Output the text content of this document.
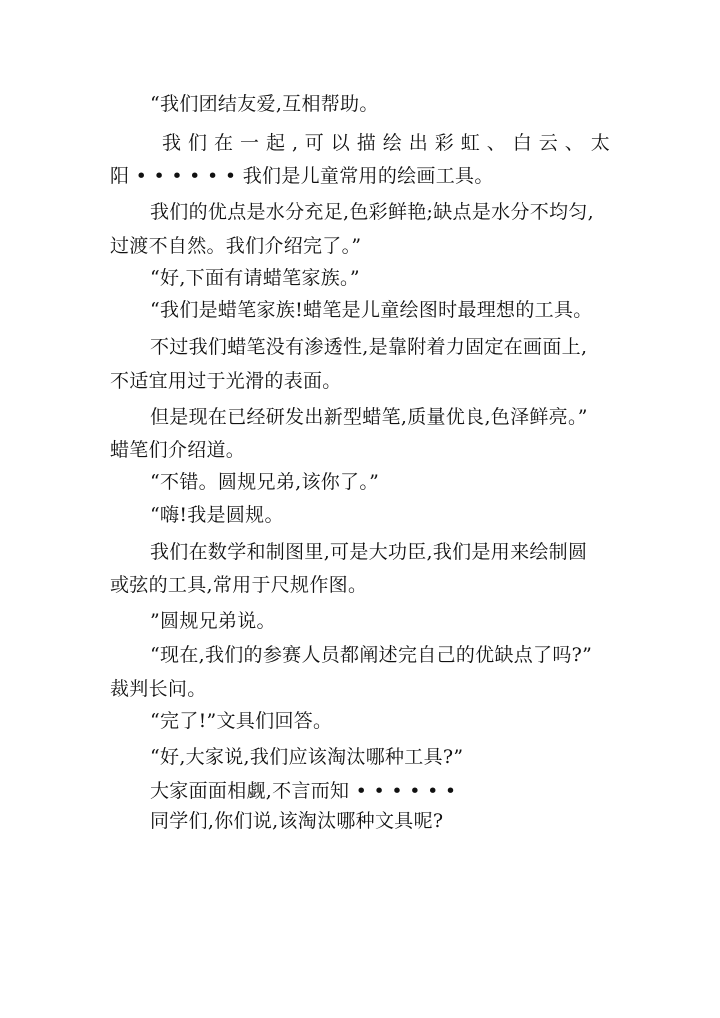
“我们团结友爱,互相帮助。
我 们 在 一 起 , 可 以 描 绘 出 彩 虹 、 白 云 、 太
阳 • • • • • • 我们是儿童常用的绘画工具。
我们的优点是水分充足,色彩鲜艳;缺点是水分不均匀,
过渡不自然。我们介绍完了。”
“好,下面有请蜡笔家族。”
“我们是蜡笔家族!蜡笔是儿童绘图时最理想的工具。
不过我们蜡笔没有渗透性,是靠附着力固定在画面上,
不适宜用过于光滑的表面。
但是现在已经研发出新型蜡笔,质量优良,色泽鲜亮。”
蜡笔们介绍道。
“不错。圆规兄弟,该你了。”
“嗨!我是圆规。
我们在数学和制图里,可是大功臣,我们是用来绘制圆
或弦的工具,常用于尺规作图。
”圆规兄弟说。
“现在,我们的参赛人员都阐述完自己的优缺点了吗?”
裁判长问。
“完了!”文具们回答。
“好,大家说,我们应该淘汰哪种工具?”
大家面面相觑,不言而知 • • • • • •
同学们,你们说,该淘汰哪种文具呢?
